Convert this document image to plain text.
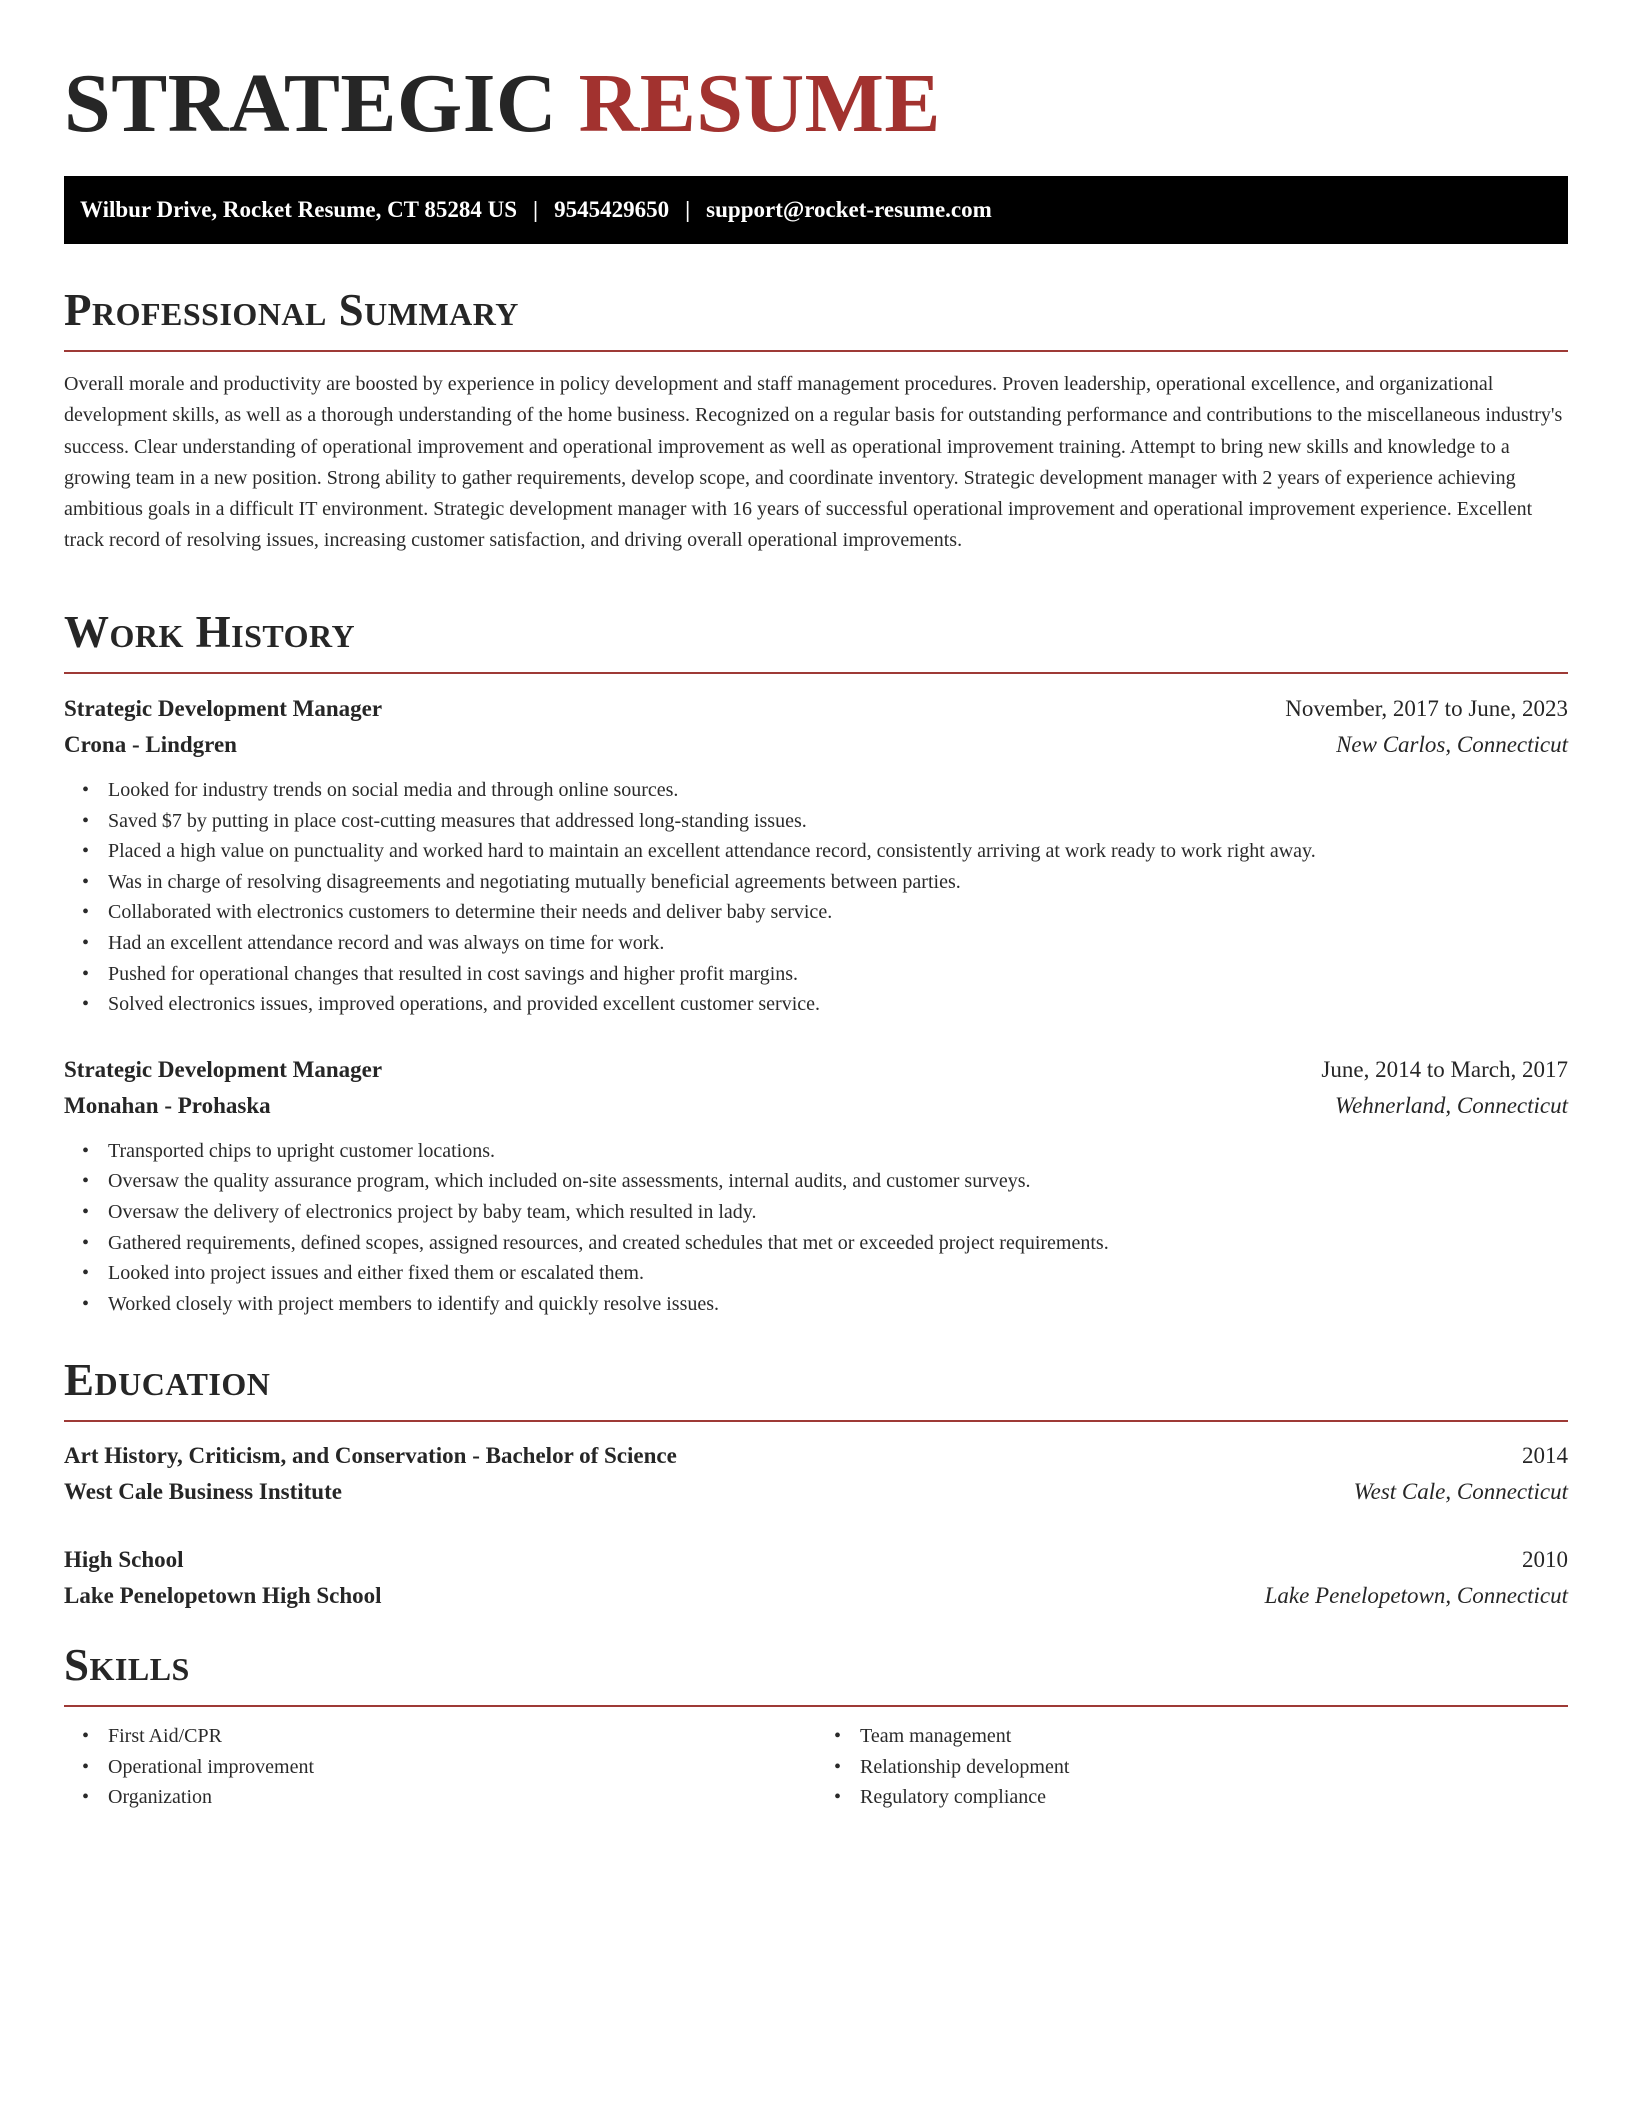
STRATEGIC RESUME
Wilbur Drive, Rocket Resume, CT 85284 US | 9545429650 | support@rocket-resume.com
Professional Summary

Overall morale and productivity are boosted by experience in policy development and staff management procedures. Proven leadership, operational excellence, and organizational development skills, as well as a thorough understanding of the home business. Recognized on a regular basis for outstanding performance and contributions to the miscellaneous industry's success. Clear understanding of operational improvement and operational improvement as well as operational improvement training. Attempt to bring new skills and knowledge to a growing team in a new position. Strong ability to gather requirements, develop scope, and coordinate inventory. Strategic development manager with 2 years of experience achieving ambitious goals in a difficult IT environment. Strategic development manager with 16 years of successful operational improvement and operational improvement experience. Excellent track record of resolving issues, increasing customer satisfaction, and driving overall operational improvements.

Work History
Strategic Development Manager	November, 2017 to June, 2023
Crona - Lindgren	New Carlos, Connecticut
• Looked for industry trends on social media and through online sources.
• Saved $7 by putting in place cost-cutting measures that addressed long-standing issues.
• Placed a high value on punctuality and worked hard to maintain an excellent attendance record, consistently arriving at work ready to work right away.
• Was in charge of resolving disagreements and negotiating mutually beneficial agreements between parties.
• Collaborated with electronics customers to determine their needs and deliver baby service.
• Had an excellent attendance record and was always on time for work.
• Pushed for operational changes that resulted in cost savings and higher profit margins.
• Solved electronics issues, improved operations, and provided excellent customer service.
Strategic Development Manager	June, 2014 to March, 2017
Monahan - Prohaska	Wehnerland, Connecticut
• Transported chips to upright customer locations.
• Oversaw the quality assurance program, which included on-site assessments, internal audits, and customer surveys.
• Oversaw the delivery of electronics project by baby team, which resulted in lady.
• Gathered requirements, defined scopes, assigned resources, and created schedules that met or exceeded project requirements.
• Looked into project issues and either fixed them or escalated them.
• Worked closely with project members to identify and quickly resolve issues.
Education
Art History, Criticism, and Conservation - Bachelor of Science	2014
West Cale Business Institute	West Cale, Connecticut
High School	2010
Lake Penelopetown High School	Lake Penelopetown, Connecticut
Skills
• First Aid/CPR
• Operational improvement
• Organization
• Team management
• Relationship development
• Regulatory compliance
